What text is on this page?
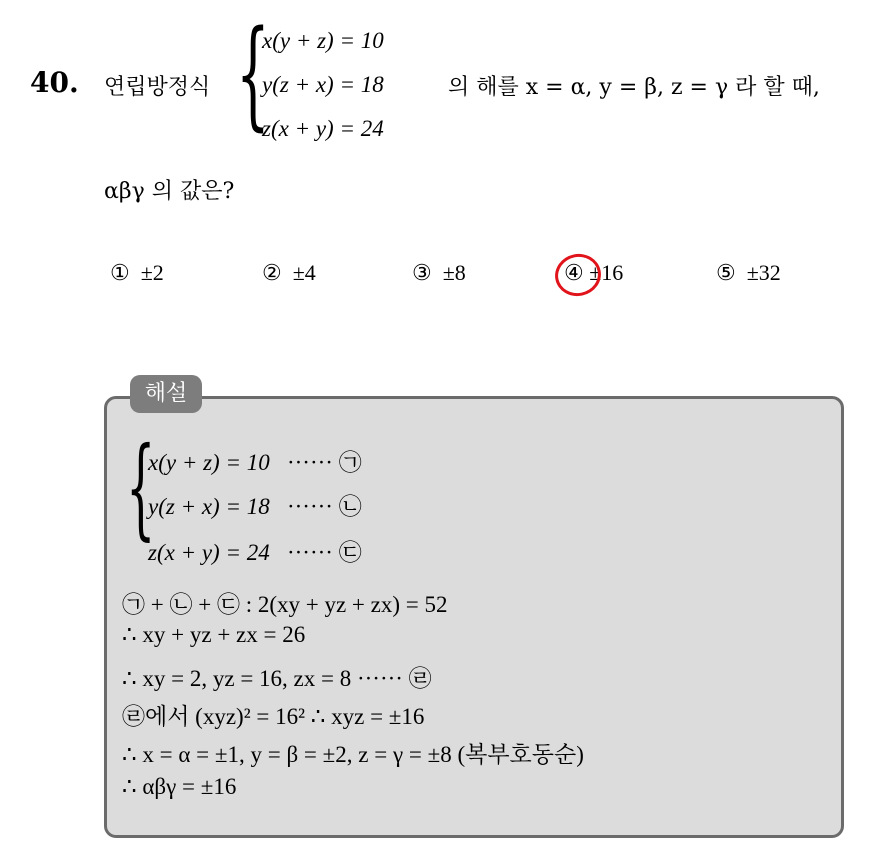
40. 연립방정식 {
x(y + z) = 10
y(z + x) = 18
z(x + y) = 24
의 해를 x = α, y = β, z = γ 라 할 때,
αβγ 의 값은?
① ±2	② ±4	③ ±8	④ ±16	⑤ ±32
해설
{
x(y + z) = 10 ······ ㉠
y(z + x) = 18 ······ ㉡
z(x + y) = 24 ······ ㉢
㉠ + ㉡ + ㉢ : 2(xy + yz + zx) = 52
∴ xy + yz + zx = 26
∴ xy = 2, yz = 16, zx = 8 ······ ㉣
㉣에서 (xyz)² = 16² ∴ xyz = ±16
∴ x = α = ±1, y = β = ±2, z = γ = ±8 (복부호동순)
∴ αβγ = ±16
